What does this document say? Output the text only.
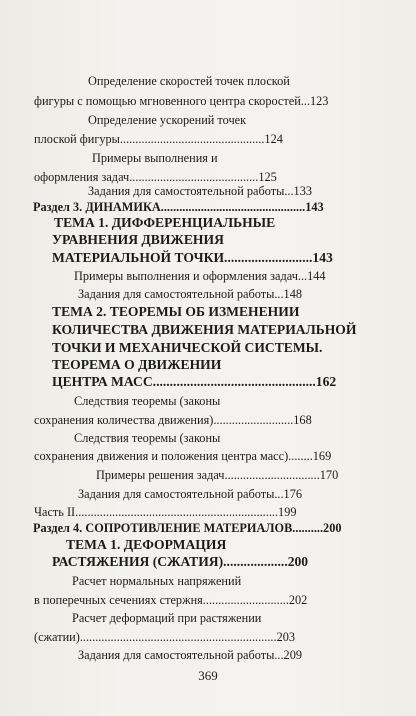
Определение скоростей точек плоской
фигуры с помощью мгновенного центра скоростей...123
Определение ускорений точек
плоской фигуры...............................................124
Примеры выполнения и
оформления задач..........................................125
Задания для самостоятельной работы...133
Раздел 3. ДИНАМИКА...............................................143
ТЕМА 1. ДИФФЕРЕНЦИАЛЬНЫЕ
УРАВНЕНИЯ ДВИЖЕНИЯ
МАТЕРИАЛЬНОЙ ТОЧКИ..........................143
Примеры выполнения и оформления задач...144
Задания для самостоятельной работы...148
ТЕМА 2. ТЕОРЕМЫ ОБ ИЗМЕНЕНИИ
КОЛИЧЕСТВА ДВИЖЕНИЯ МАТЕРИАЛЬНОЙ
ТОЧКИ И МЕХАНИЧЕСКОЙ СИСТЕМЫ.
ТЕОРЕМА О ДВИЖЕНИИ
ЦЕНТРА МАСС................................................162
Следствия теоремы (законы
сохранения количества движения)..........................168
Следствия теоремы (законы
сохранения движения и положения центра масс)........169
Примеры решения задач...............................170
Задания для самостоятельной работы...176
Часть II..................................................................199
Раздел 4. СОПРОТИВЛЕНИЕ МАТЕРИАЛОВ..........200
ТЕМА 1. ДЕФОРМАЦИЯ
РАСТЯЖЕНИЯ (СЖАТИЯ)...................200
Расчет нормальных напряжений
в поперечных сечениях стержня............................202
Расчет деформаций при растяжении
(сжатии)................................................................203
Задания для самостоятельной работы...209
369
